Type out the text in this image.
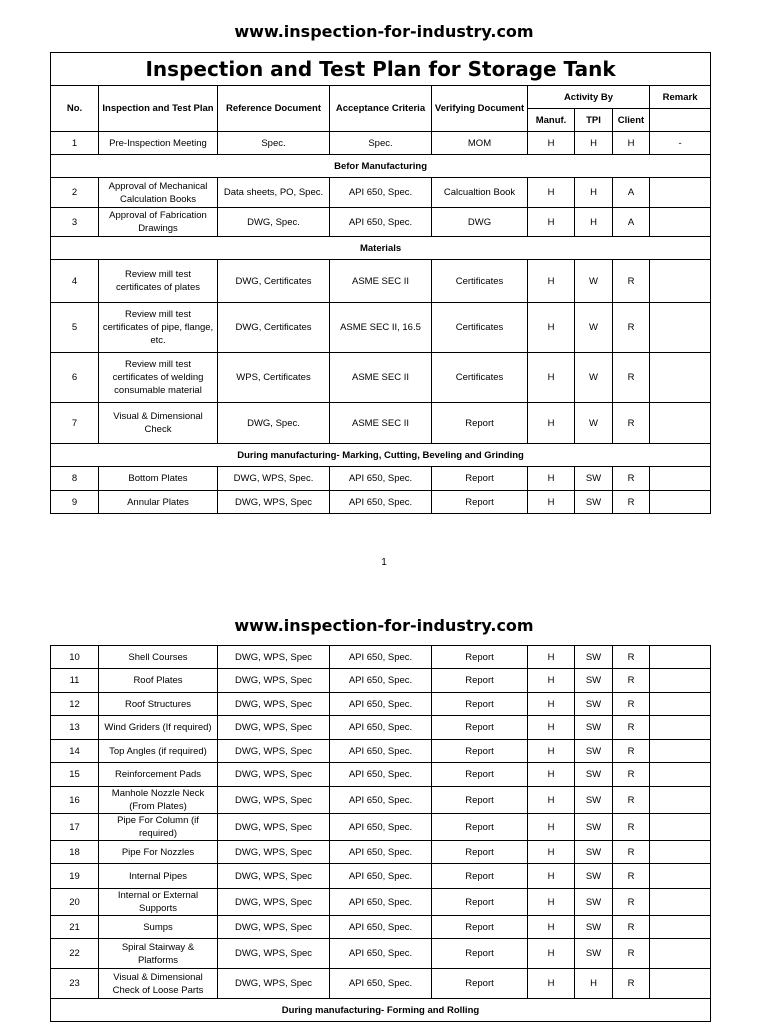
www.inspection-for-industry.com
Inspection and Test Plan for Storage Tank								
No.	Inspection and Test Plan	Reference Document	Acceptance Criteria	Verifying Document	Activity By			Remark
					Manuf.	TPI	Client	
1	Pre-Inspection Meeting	Spec.	Spec.	MOM	H	H	H	-
Befor Manufacturing								
2	Approval of Mechanical Calculation Books	Data sheets, PO, Spec.	API 650, Spec.	Calcualtion Book	H	H	A	
3	Approval of Fabrication Drawings	DWG, Spec.	API 650, Spec.	DWG	H	H	A	
Materials								
4	Review mill test certificates of plates	DWG, Certificates	ASME SEC II	Certificates	H	W	R	
5	Review mill test certificates of pipe, flange, etc.	DWG, Certificates	ASME SEC II, 16.5	Certificates	H	W	R	
6	Review mill test certificates of welding consumable material	WPS, Certificates	ASME SEC II	Certificates	H	W	R	
7	Visual & Dimensional Check	DWG, Spec.	ASME SEC II	Report	H	W	R	
During manufacturing- Marking, Cutting, Beveling and Grinding								
8	Bottom Plates	DWG, WPS, Spec.	API 650, Spec.	Report	H	SW	R	
9	Annular Plates	DWG, WPS, Spec	API 650, Spec.	Report	H	SW	R	
1
www.inspection-for-industry.com
10	Shell Courses	DWG, WPS, Spec	API 650, Spec.	Report	H	SW	R	
11	Roof Plates	DWG, WPS, Spec	API 650, Spec.	Report	H	SW	R	
12	Roof Structures	DWG, WPS, Spec	API 650, Spec.	Report	H	SW	R	
13	Wind Griders (If required)	DWG, WPS, Spec	API 650, Spec.	Report	H	SW	R	
14	Top Angles (if required)	DWG, WPS, Spec	API 650, Spec.	Report	H	SW	R	
15	Reinforcement Pads	DWG, WPS, Spec	API 650, Spec.	Report	H	SW	R	
16	Manhole Nozzle Neck (From Plates)	DWG, WPS, Spec	API 650, Spec.	Report	H	SW	R	
17	Pipe For Column (if required)	DWG, WPS, Spec	API 650, Spec.	Report	H	SW	R	
18	Pipe For Nozzles	DWG, WPS, Spec	API 650, Spec.	Report	H	SW	R	
19	Internal Pipes	DWG, WPS, Spec	API 650, Spec.	Report	H	SW	R	
20	Internal or External Supports	DWG, WPS, Spec	API 650, Spec.	Report	H	SW	R	
21	Sumps	DWG, WPS, Spec	API 650, Spec.	Report	H	SW	R	
22	Spiral Stairway & Platforms	DWG, WPS, Spec	API 650, Spec.	Report	H	SW	R	
23	Visual & Dimensional Check of Loose Parts	DWG, WPS, Spec	API 650, Spec.	Report	H	H	R	
During manufacturing- Forming and Rolling								
